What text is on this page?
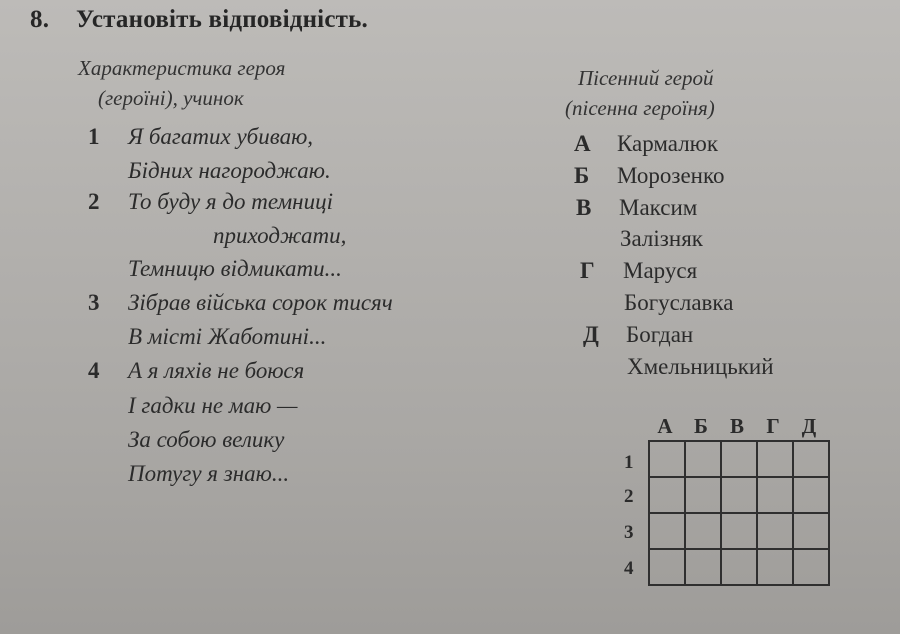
8. Установіть відповідність.
Характеристика героя
(героїні), учинок
Пісенний герой
(пісенна героїня)
1 Я багатих убиваю,
Бідних нагороджаю.
2 То буду я до темниці
приходжати,
Темницю відмикати...
3 Зібрав війська сорок тисяч
В місті Жаботині...
4 А я ляхів не боюся
І гадки не маю —
За собою велику
Потугу я знаю...
А Кармалюк
Б Морозенко
В Максим
Залізняк
Г Маруся
Богуславка
Д Богдан
Хмельницький
А	Б	В	Г	Д
1
2
3
4
